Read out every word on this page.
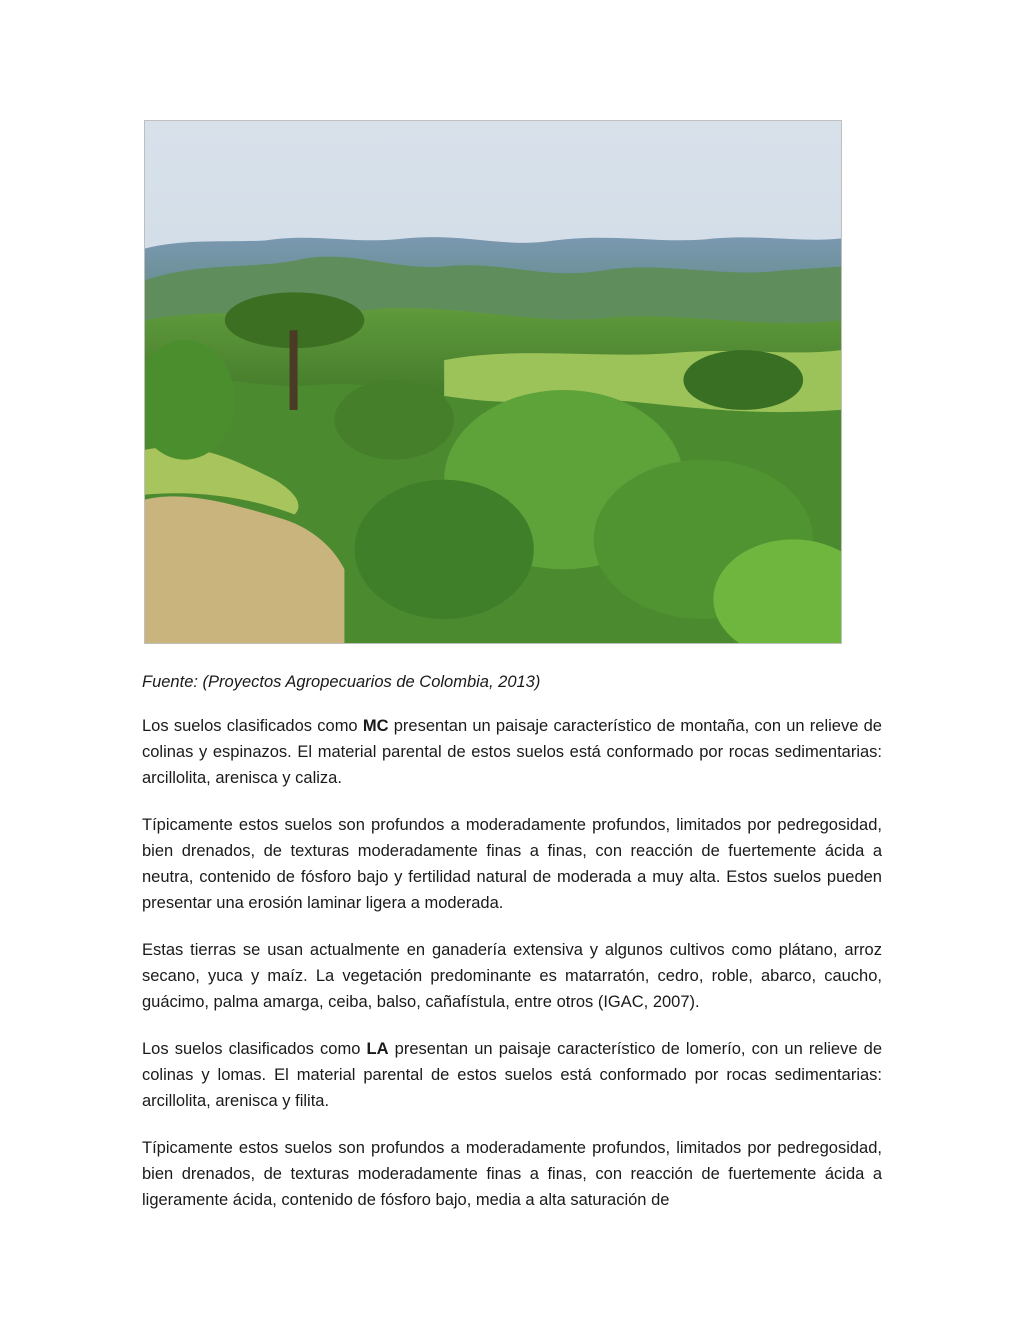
Fuente: (Proyectos Agropecuarios de Colombia, 2013)

Los suelos clasificados como MC presentan un paisaje característico de montaña, con un relieve de colinas y espinazos. El material parental de estos suelos está conformado por rocas sedimentarias: arcillolita, arenisca y caliza.

Típicamente estos suelos son profundos a moderadamente profundos, limitados por pedregosidad, bien drenados, de texturas moderadamente finas a finas, con reacción de fuertemente ácida a neutra, contenido de fósforo bajo y fertilidad natural de moderada a muy alta. Estos suelos pueden presentar una erosión laminar ligera a moderada.

Estas tierras se usan actualmente en ganadería extensiva y algunos cultivos como plátano, arroz secano, yuca y maíz. La vegetación predominante es matarratón, cedro, roble, abarco, caucho, guácimo, palma amarga, ceiba, balso, cañafístula, entre otros (IGAC, 2007).

Los suelos clasificados como LA presentan un paisaje característico de lomerío, con un relieve de colinas y lomas. El material parental de estos suelos está conformado por rocas sedimentarias: arcillolita, arenisca y filita.

Típicamente estos suelos son profundos a moderadamente profundos, limitados por pedregosidad, bien drenados, de texturas moderadamente finas a finas, con reacción de fuertemente ácida a ligeramente ácida, contenido de fósforo bajo, media a alta saturación de
